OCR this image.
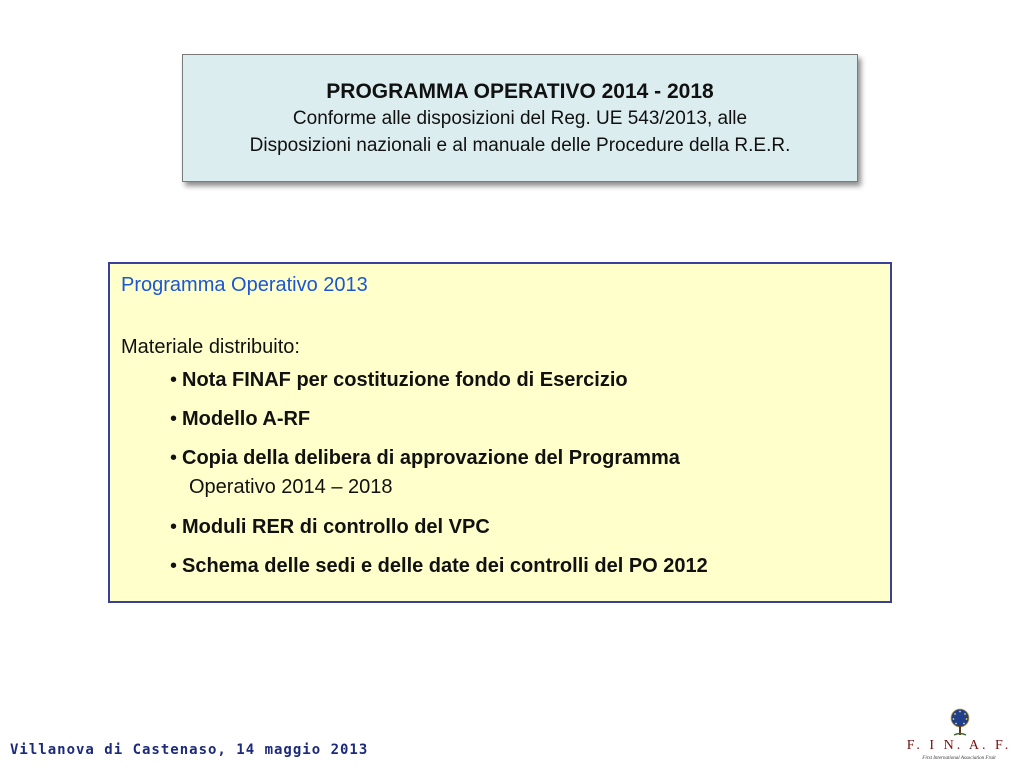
PROGRAMMA OPERATIVO 2014 - 2018
Conforme alle disposizioni del Reg. UE 543/2013, alle
Disposizioni nazionali e al manuale delle Procedure della R.E.R.
Programma Operativo 2013
Materiale distribuito:
• Nota FINAF per costituzione fondo di Esercizio
• Modello A-RF
• Copia della delibera di approvazione del Programma
Operativo 2014 – 2018
• Moduli RER di controllo del VPC
• Schema delle sedi e delle date dei controlli del PO 2012
Villanova di Castenaso, 14 maggio 2013	F. I N. A. F.
First International Association Fruit
